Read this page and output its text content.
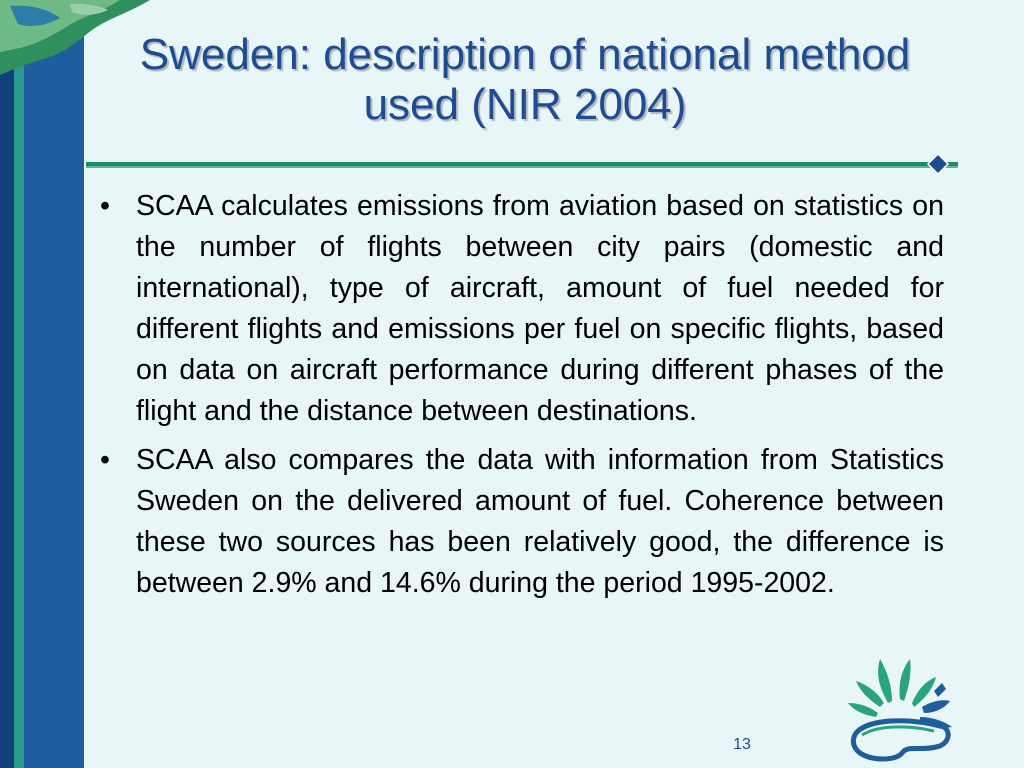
Sweden: description of national method used (NIR 2004)

• SCAA calculates emissions from aviation based on statistics on the number of flights between city pairs (domestic and international), type of aircraft, amount of fuel needed for different flights and emissions per fuel on specific flights, based on data on aircraft performance during different phases of the flight and the distance between destinations.

• SCAA also compares the data with information from Statistics Sweden on the delivered amount of fuel. Coherence between these two sources has been relatively good, the difference is between 2.9% and 14.6% during the period 1995-2002.

13
